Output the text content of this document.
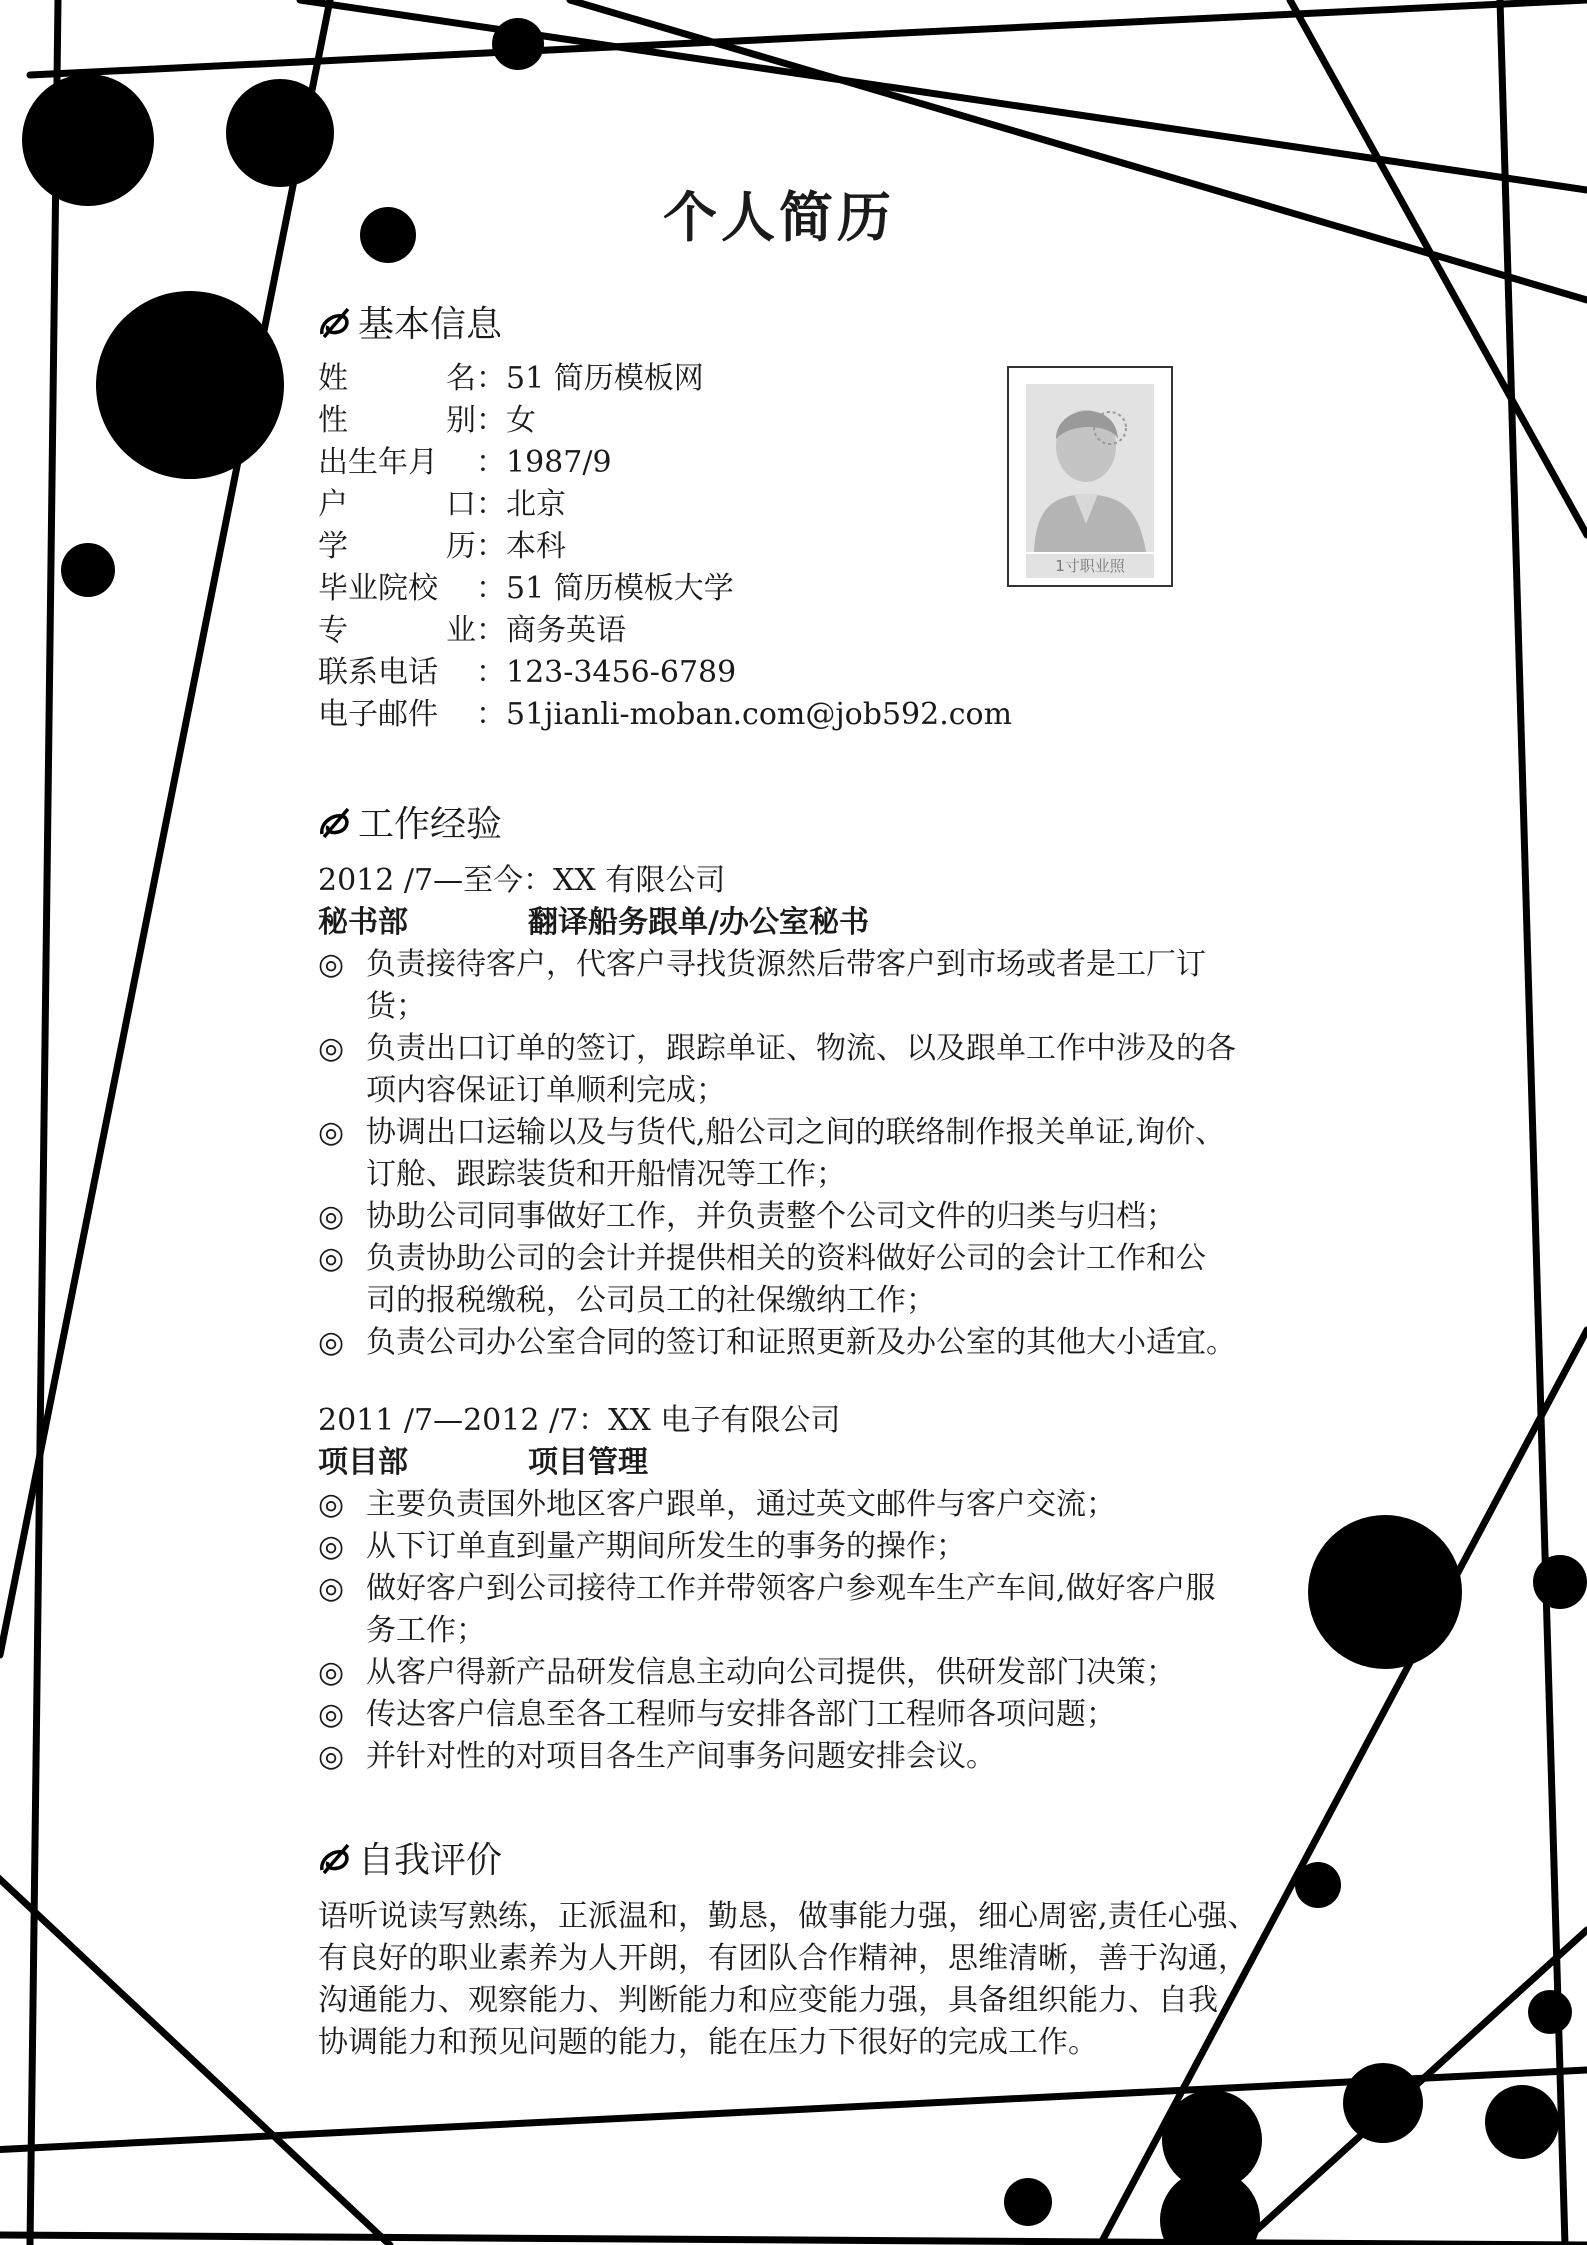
个人简历
基本信息
姓	名 ： 51 简历模板网
性	别 ： 女
出生年月 ： 1987/9
户	口 ： 北京
学	历 ： 本科
毕业院校 ： 51 简历模板大学
专	业 ： 商务英语
联系电话 ： 123-3456-6789
电子邮件 ： 51jianli-moban.com@job592.com
1寸职业照
工作经验
2012 /7—至今：XX 有限公司
秘书部	翻译船务跟单/办公室秘书
◎ 负责接待客户，代客户寻找货源然后带客户到市场或者是工厂订
货；
◎ 负责出口订单的签订，跟踪单证、物流、以及跟单工作中涉及的各
项内容保证订单顺利完成；
◎ 协调出口运输以及与货代,船公司之间的联络制作报关单证,询价、
订舱、跟踪装货和开船情况等工作；
◎ 协助公司同事做好工作，并负责整个公司文件的归类与归档；
◎ 负责协助公司的会计并提供相关的资料做好公司的会计工作和公
司的报税缴税，公司员工的社保缴纳工作；
◎ 负责公司办公室合同的签订和证照更新及办公室的其他大小适宜。
2011 /7—2012 /7：XX 电子有限公司
项目部	项目管理
◎ 主要负责国外地区客户跟单，通过英文邮件与客户交流；
◎ 从下订单直到量产期间所发生的事务的操作；
◎ 做好客户到公司接待工作并带领客户参观车生产车间,做好客户服
务工作；
◎ 从客户得新产品研发信息主动向公司提供，供研发部门决策；
◎ 传达客户信息至各工程师与安排各部门工程师各项问题；
◎ 并针对性的对项目各生产间事务问题安排会议。
自我评价
语听说读写熟练，正派温和，勤恳，做事能力强，细心周密,责任心强、
有良好的职业素养为人开朗，有团队合作精神，思维清晰，善于沟通，
沟通能力、观察能力、判断能力和应变能力强，具备组织能力、自我
协调能力和预见问题的能力，能在压力下很好的完成工作。
